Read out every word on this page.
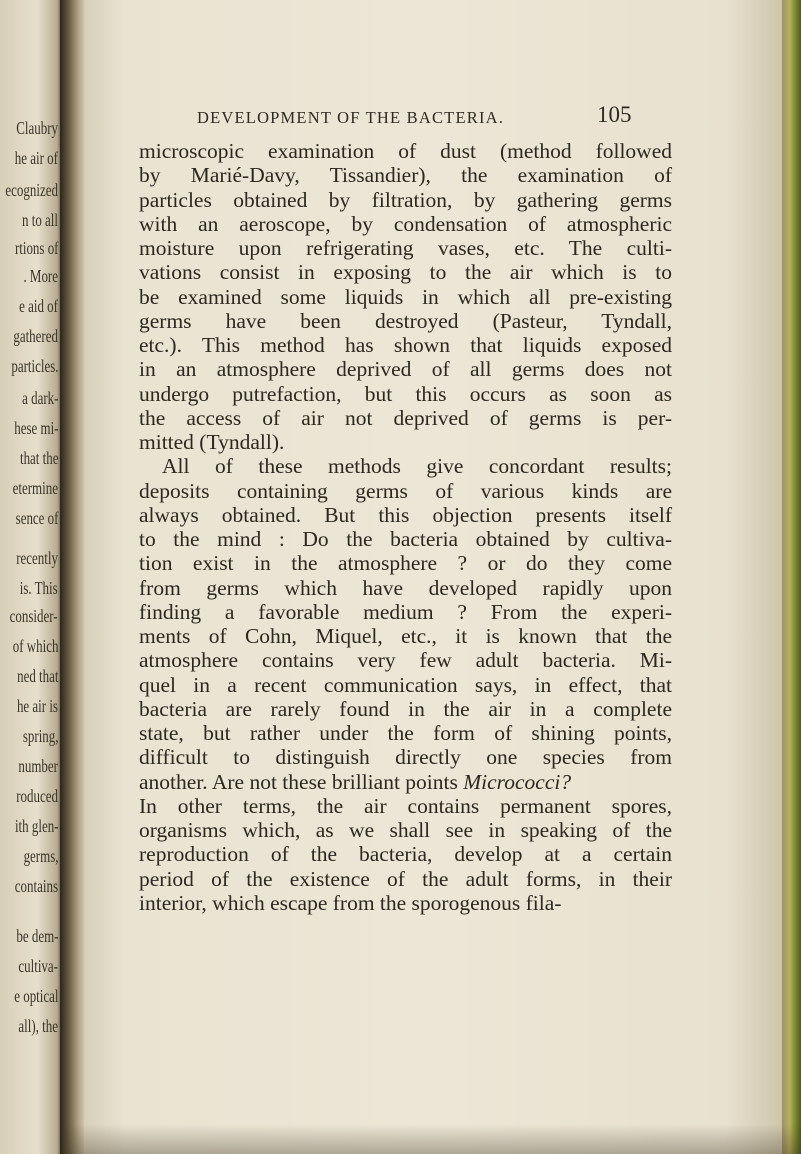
Claubry
he air of
ecognized
n to all
rtions of
. More
e aid of
gathered
particles.
a dark-
hese mi-
that the
etermine
sence of
recently
is. This
consider-
of which
ned that
he air is
spring,
number
roduced
ith glen-
germs,
contains
be dem-
cultiva-
e optical
all), the
DEVELOPMENT OF THE BACTERIA.	105
microscopic examination of dust (method followed
by Marié-Davy, Tissandier), the examination of
particles obtained by filtration, by gathering germs
with an aeroscope, by condensation of atmospheric
moisture upon refrigerating vases, etc. The culti-
vations consist in exposing to the air which is to
be examined some liquids in which all pre-existing
germs have been destroyed (Pasteur, Tyndall,
etc.). This method has shown that liquids exposed
in an atmosphere deprived of all germs does not
undergo putrefaction, but this occurs as soon as
the access of air not deprived of germs is per-
mitted (Tyndall).
All of these methods give concordant results;
deposits containing germs of various kinds are
always obtained. But this objection presents itself
to the mind : Do the bacteria obtained by cultiva-
tion exist in the atmosphere ? or do they come
from germs which have developed rapidly upon
finding a favorable medium ? From the experi-
ments of Cohn, Miquel, etc., it is known that the
atmosphere contains very few adult bacteria. Mi-
quel in a recent communication says, in effect, that
bacteria are rarely found in the air in a complete
state, but rather under the form of shining points,
difficult to distinguish directly one species from
another. Are not these brilliant points Micrococci?
In other terms, the air contains permanent spores,
organisms which, as we shall see in speaking of the
reproduction of the bacteria, develop at a certain
period of the existence of the adult forms, in their
interior, which escape from the sporogenous fila-
